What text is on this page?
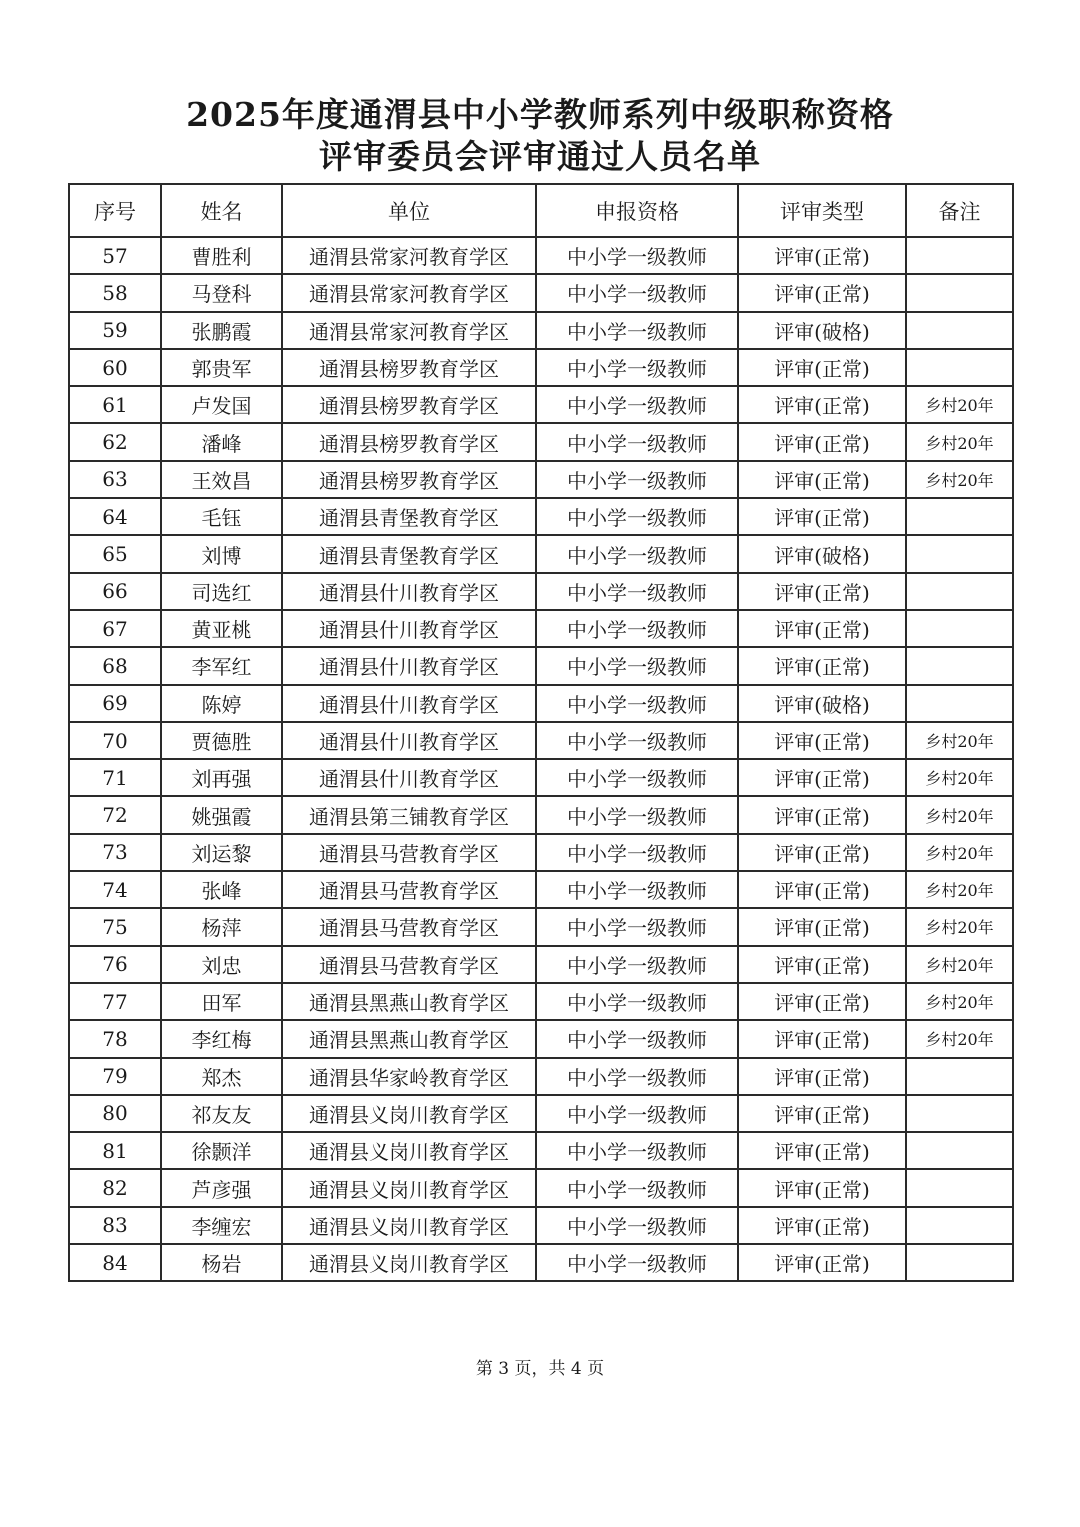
2025年度通渭县中小学教师系列中级职称资格
评审委员会评审通过人员名单
序号	姓名	单位	申报资格	评审类型	备注
57	曹胜利	通渭县常家河教育学区	中小学一级教师	评审(正常)	
58	马登科	通渭县常家河教育学区	中小学一级教师	评审(正常)	
59	张鹏霞	通渭县常家河教育学区	中小学一级教师	评审(破格)	
60	郭贵军	通渭县榜罗教育学区	中小学一级教师	评审(正常)	
61	卢发国	通渭县榜罗教育学区	中小学一级教师	评审(正常)	乡村20年
62	潘峰	通渭县榜罗教育学区	中小学一级教师	评审(正常)	乡村20年
63	王效昌	通渭县榜罗教育学区	中小学一级教师	评审(正常)	乡村20年
64	毛钰	通渭县青堡教育学区	中小学一级教师	评审(正常)	
65	刘博	通渭县青堡教育学区	中小学一级教师	评审(破格)	
66	司选红	通渭县什川教育学区	中小学一级教师	评审(正常)	
67	黄亚桃	通渭县什川教育学区	中小学一级教师	评审(正常)	
68	李军红	通渭县什川教育学区	中小学一级教师	评审(正常)	
69	陈婷	通渭县什川教育学区	中小学一级教师	评审(破格)	
70	贾德胜	通渭县什川教育学区	中小学一级教师	评审(正常)	乡村20年
71	刘再强	通渭县什川教育学区	中小学一级教师	评审(正常)	乡村20年
72	姚强霞	通渭县第三铺教育学区	中小学一级教师	评审(正常)	乡村20年
73	刘运黎	通渭县马营教育学区	中小学一级教师	评审(正常)	乡村20年
74	张峰	通渭县马营教育学区	中小学一级教师	评审(正常)	乡村20年
75	杨萍	通渭县马营教育学区	中小学一级教师	评审(正常)	乡村20年
76	刘忠	通渭县马营教育学区	中小学一级教师	评审(正常)	乡村20年
77	田军	通渭县黑燕山教育学区	中小学一级教师	评审(正常)	乡村20年
78	李红梅	通渭县黑燕山教育学区	中小学一级教师	评审(正常)	乡村20年
79	郑杰	通渭县华家岭教育学区	中小学一级教师	评审(正常)	
80	祁友友	通渭县义岗川教育学区	中小学一级教师	评审(正常)	
81	徐颢洋	通渭县义岗川教育学区	中小学一级教师	评审(正常)	
82	芦彦强	通渭县义岗川教育学区	中小学一级教师	评审(正常)	
83	李缠宏	通渭县义岗川教育学区	中小学一级教师	评审(正常)	
84	杨岩	通渭县义岗川教育学区	中小学一级教师	评审(正常)	
第 3 页，共 4 页
